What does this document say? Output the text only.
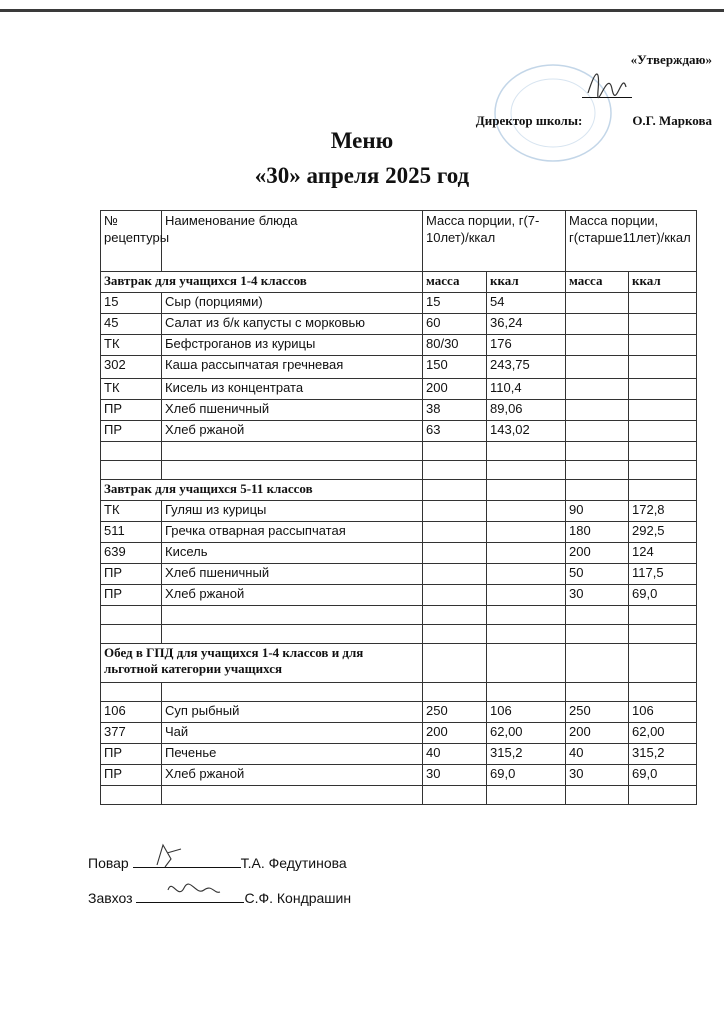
«Утверждаю»
Директор школы:	О.Г. Маркова
Меню
«30» апреля 2025 год
№ рецептуры	Наименование блюда	Масса порции, г(7-10лет)/ккал		Масса порции, г(старше11лет)/ккал	
Завтрак для учащихся 1-4 классов		масса	ккал	масса	ккал
15	Сыр (порциями)	15	54		
45	Салат из б/к капусты с морковью	60	36,24		
ТК	Бефстроганов из курицы	80/30	176		
302	Каша рассыпчатая гречневая	150	243,75		
ТК	Кисель из концентрата	200	110,4		
ПР	Хлеб пшеничный	38	89,06		
ПР	Хлеб ржаной	63	143,02		

Завтрак для учащихся 5-11 классов					
ТК	Гуляш из курицы			90	172,8
511	Гречка отварная рассыпчатая			180	292,5
639	Кисель			200	124
ПР	Хлеб пшеничный			50	117,5
ПР	Хлеб ржаной			30	69,0

Обед в ГПД для учащихся 1-4 классов и для льготной категории учащихся					

106	Суп рыбный	250	106	250	106
377	Чай	200	62,00	200	62,00
ПР	Печенье	40	315,2	40	315,2
ПР	Хлеб ржаной	30	69,0	30	69,0

Повар	Т.А. Федутинова
Завхоз	С.Ф. Кондрашин
